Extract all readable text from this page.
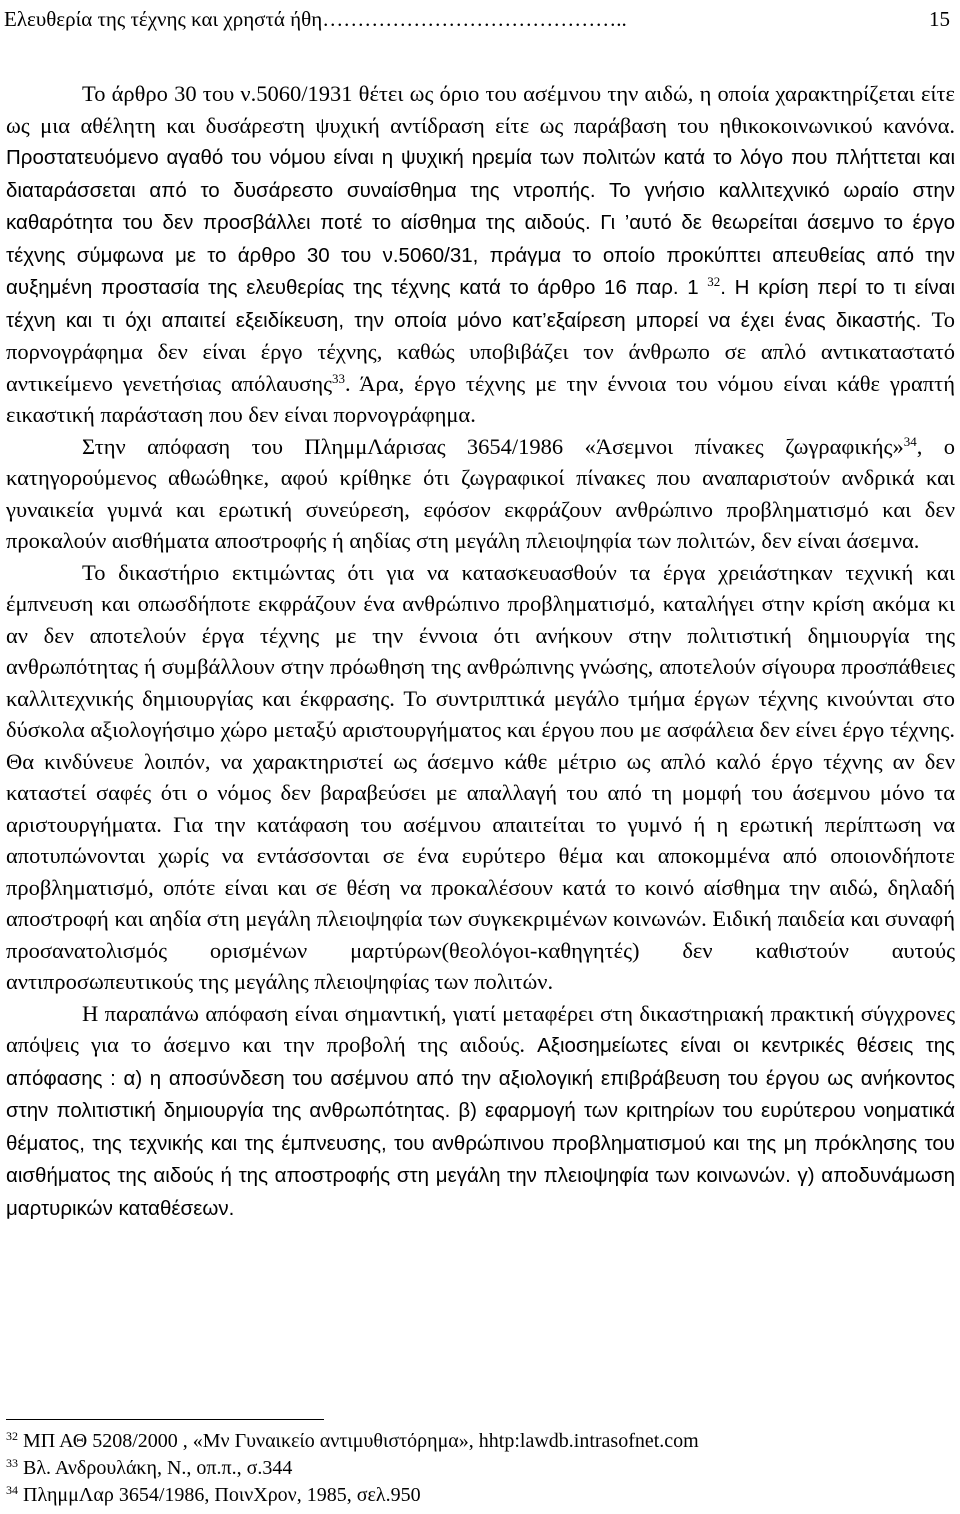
Ελευθερία της τέχνης και χρηστά ήθη……………………………………..	15

Το άρθρο 30 του ν.5060/1931 θέτει ως όριο του ασέμνου την αιδώ, η οποία χαρακτηρίζεται είτε ως μια αθέλητη και δυσάρεστη ψυχική αντίδραση είτε ως παράβαση του ηθικοκοινωνικού κανόνα. Προστατευόμενο αγαθό του νόμου είναι η ψυχική ηρεμία των πολιτών κατά το λόγο που πλήττεται και διαταράσσεται από το δυσάρεστο συναίσθημα της ντροπής. Το γνήσιο καλλιτεχνικό ωραίο στην καθαρότητα του δεν προσβάλλει ποτέ το αίσθημα της αιδούς. Γι ’αυτό δε θεωρείται άσεμνο το έργο τέχνης σύμφωνα με το άρθρο 30 του ν.5060/31, πράγμα το οποίο προκύπτει απευθείας από την αυξημένη προστασία της ελευθερίας της τέχνης κατά το άρθρο 16 παρ. 1 $^{32}$. Η κρίση περί το τι είναι τέχνη και τι όχι απαιτεί εξειδίκευση, την οποία μόνο κατ’εξαίρεση μπορεί να έχει ένας δικαστής. Το πορνογράφημα δεν είναι έργο τέχνης, καθώς υποβιβάζει τον άνθρωπο σε απλό αντικαταστατό αντικείμενο γενετήσιας απόλαυσης$^{33}$. Άρα, έργο τέχνης με την έννοια του νόμου είναι κάθε γραπτή εικαστική παράσταση που δεν είναι πορνογράφημα.

Στην απόφαση του ΠλημμΛάρισας 3654/1986 «Άσεμνοι πίνακες ζωγραφικής»$^{34}$, ο κατηγορούμενος αθωώθηκε, αφού κρίθηκε ότι ζωγραφικοί πίνακες που αναπαριστούν ανδρικά και γυναικεία γυμνά και ερωτική συνεύρεση, εφόσον εκφράζουν ανθρώπινο προβληματισμό και δεν προκαλούν αισθήματα αποστροφής ή αηδίας στη μεγάλη πλειοψηφία των πολιτών, δεν είναι άσεμνα.

Το δικαστήριο εκτιμώντας ότι για να κατασκευασθούν τα έργα χρειάστηκαν τεχνική και έμπνευση και οπωσδήποτε εκφράζουν ένα ανθρώπινο προβληματισμό, καταλήγει στην κρίση ακόμα κι αν δεν αποτελούν έργα τέχνης με την έννοια ότι ανήκουν στην πολιτιστική δημιουργία της ανθρωπότητας ή συμβάλλουν στην πρόωθηση της ανθρώπινης γνώσης, αποτελούν σίγουρα προσπάθειες καλλιτεχνικής δημιουργίας και έκφρασης. Το συντριπτικά μεγάλο τμήμα έργων τέχνης κινούνται στο δύσκολα αξιολογήσιμο χώρο μεταξύ αριστουργήματος και έργου που με ασφάλεια δεν είνει έργο τέχνης. Θα κινδύνευε λοιπόν, να χαρακτηριστεί ως άσεμνο κάθε μέτριο ως απλό καλό έργο τέχνης αν δεν καταστεί σαφές ότι ο νόμος δεν βαραβεύσει με απαλλαγή του από τη μομφή του άσεμνου μόνο τα αριστουργήματα. Για την κατάφαση του ασέμνου απαιτείται το γυμνό ή η ερωτική περίπτωση να αποτυπώνονται χωρίς να εντάσσονται σε ένα ευρύτερο θέμα και αποκομμένα από οποιονδήποτε προβληματισμό, οπότε είναι και σε θέση να προκαλέσουν κατά το κοινό αίσθημα την αιδώ, δηλαδή αποστροφή και αηδία στη μεγάλη πλειοψηφία των συγκεκριμένων κοινωνών. Ειδική παιδεία και συναφή προσανατολισμός ορισμένων μαρτύρων(θεολόγοι-καθηγητές) δεν καθιστούν αυτούς αντιπροσωπευτικούς της μεγάλης πλειοψηφίας των πολιτών.

Η παραπάνω απόφαση είναι σημαντική, γιατί μεταφέρει στη δικαστηριακή πρακτική σύγχρονες απόψεις για το άσεμνο και την προβολή της αιδούς. Αξιοσημείωτες είναι οι κεντρικές θέσεις της απόφασης : α) η αποσύνδεση του ασέμνου από την αξιολογική επιβράβευση του έργου ως ανήκοντος στην πολιτιστική δημιουργία της ανθρωπότητας. β) εφαρμογή των κριτηρίων του ευρύτερου νοηματικά θέματος, της τεχνικής και της έμπνευσης, του ανθρώπινου προβληματισμού και της μη πρόκλησης του αισθήματος της αιδούς ή της αποστροφής στη μεγάλη την πλειοψηφία των κοινωνών. γ) αποδυνάμωση μαρτυρικών καταθέσεων.

$^{32}$ ΜΠ ΑΘ 5208/2000 , «Μν Γυναικείο αντιμυθιστόρημα», hhtp:lawdb.intrasofnet.com
$^{33}$ Βλ. Ανδρουλάκη, Ν., οπ.π., σ.344
$^{34}$ ΠλημμΛαρ 3654/1986, ΠοινΧρον, 1985, σελ.950
